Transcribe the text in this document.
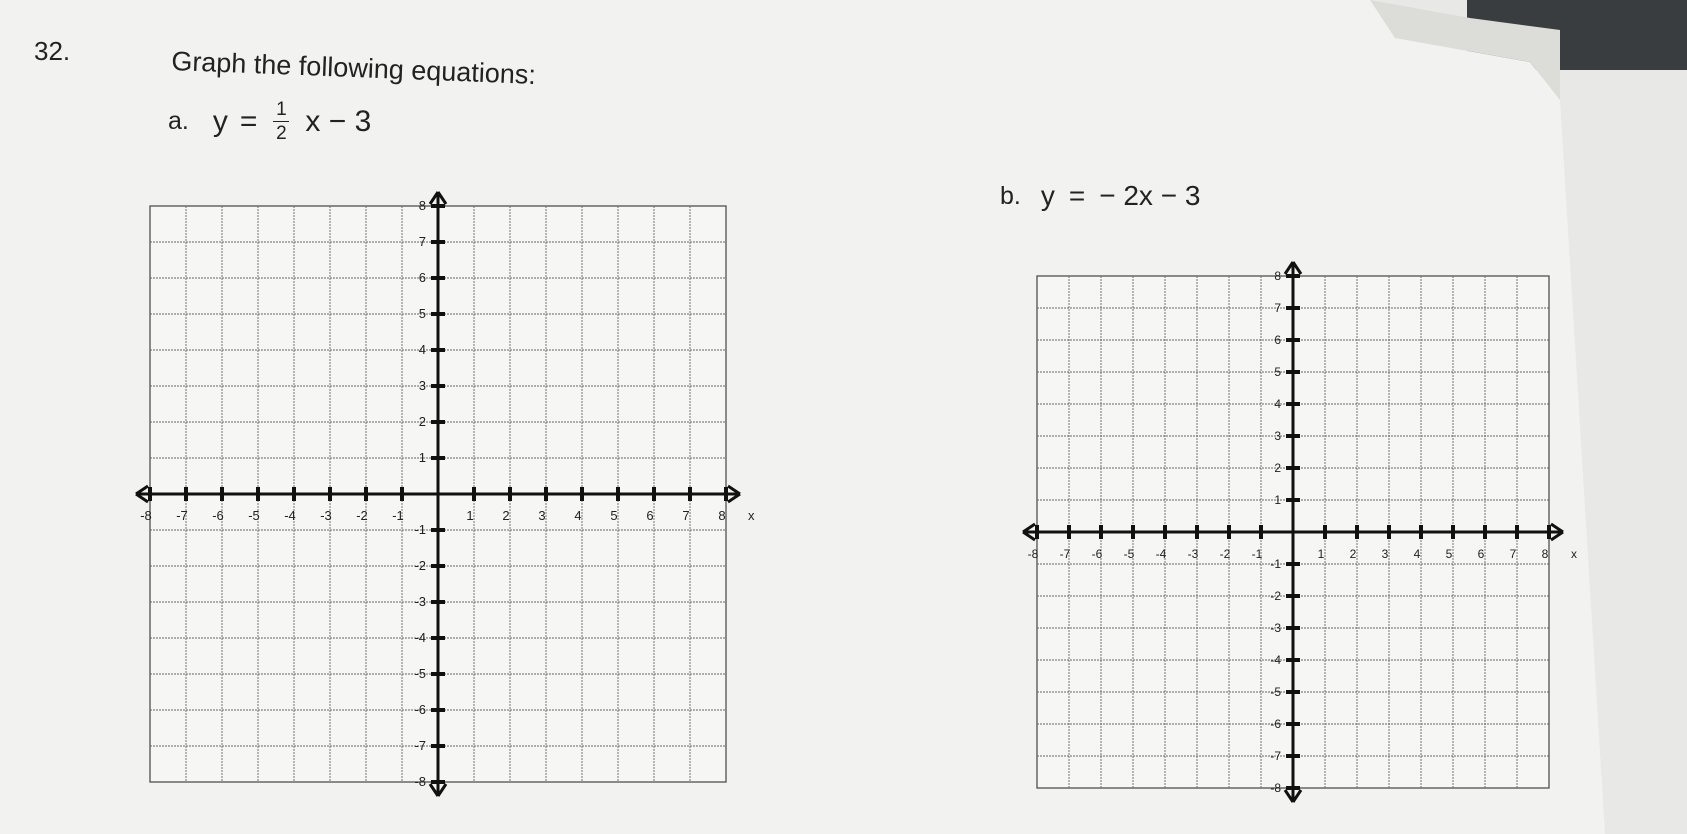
32.	Graph the following equations:
a. $y = \frac{1}{2}$ x − 3
b. y = − 2x − 3
-8 -7 -6 -5 -4 -3 -2 -1	1 2 3 4 5 6 7 8
8
7
6
5
4
3
2
1
-1
-2
-3
-4
-5
-6
-7
-8
x
-8 -7 -6 -5 -4 -3 -2 -1	1 2 3 4 5 6 7 8
8
7
6
5
4
3
2
1
-1
-2
-3
-4
-5
-6
-7
-8
x
